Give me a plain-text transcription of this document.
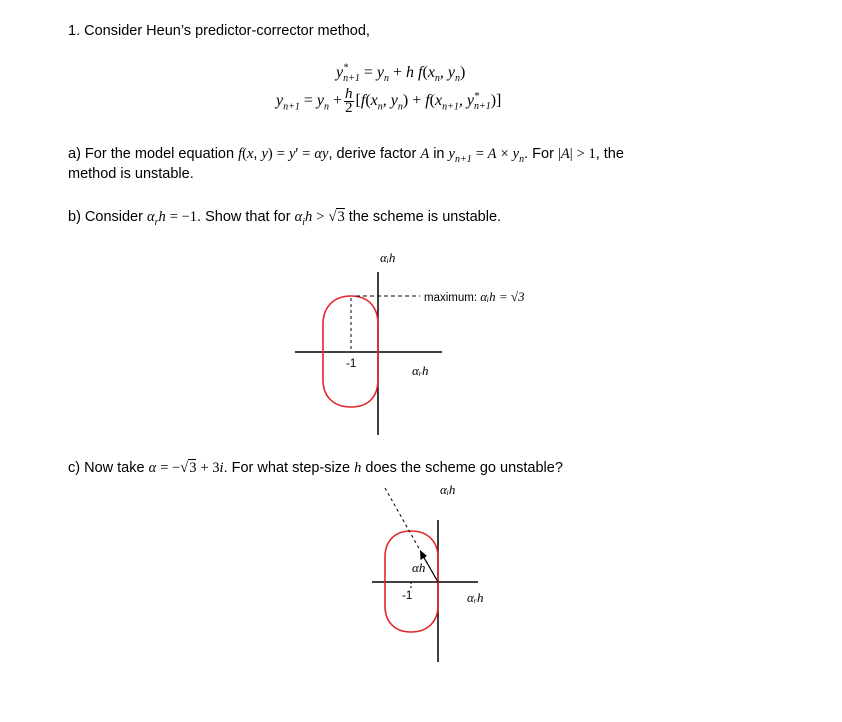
1. Consider Heun’s predictor-corrector method,
$y^*_{n+1} = y_n + h$ $f(x_n$, $y_n$)
$y_{n+1} = y_n + \frac{h}{2} [f(x_n$, $y_n) + f(x_{n+1}$, $y^*_{n+1}$)]
a) For the model equation f(x, y) = y′ = αy, derive factor A in $y_{n+1} = A \times y_n$. For |A| > 1, the
method is unstable.
b) Consider $\alpha_rh = -1$. Show that for $\alpha_ih > √3$ the scheme is unstable.
αᵢh
maximum: αᵢh = √3
-1	αᵣh
c) Now take α = −√3 + 3i. For what step-size h does the scheme go unstable?
αᵢh
αh
-1	αᵣh
